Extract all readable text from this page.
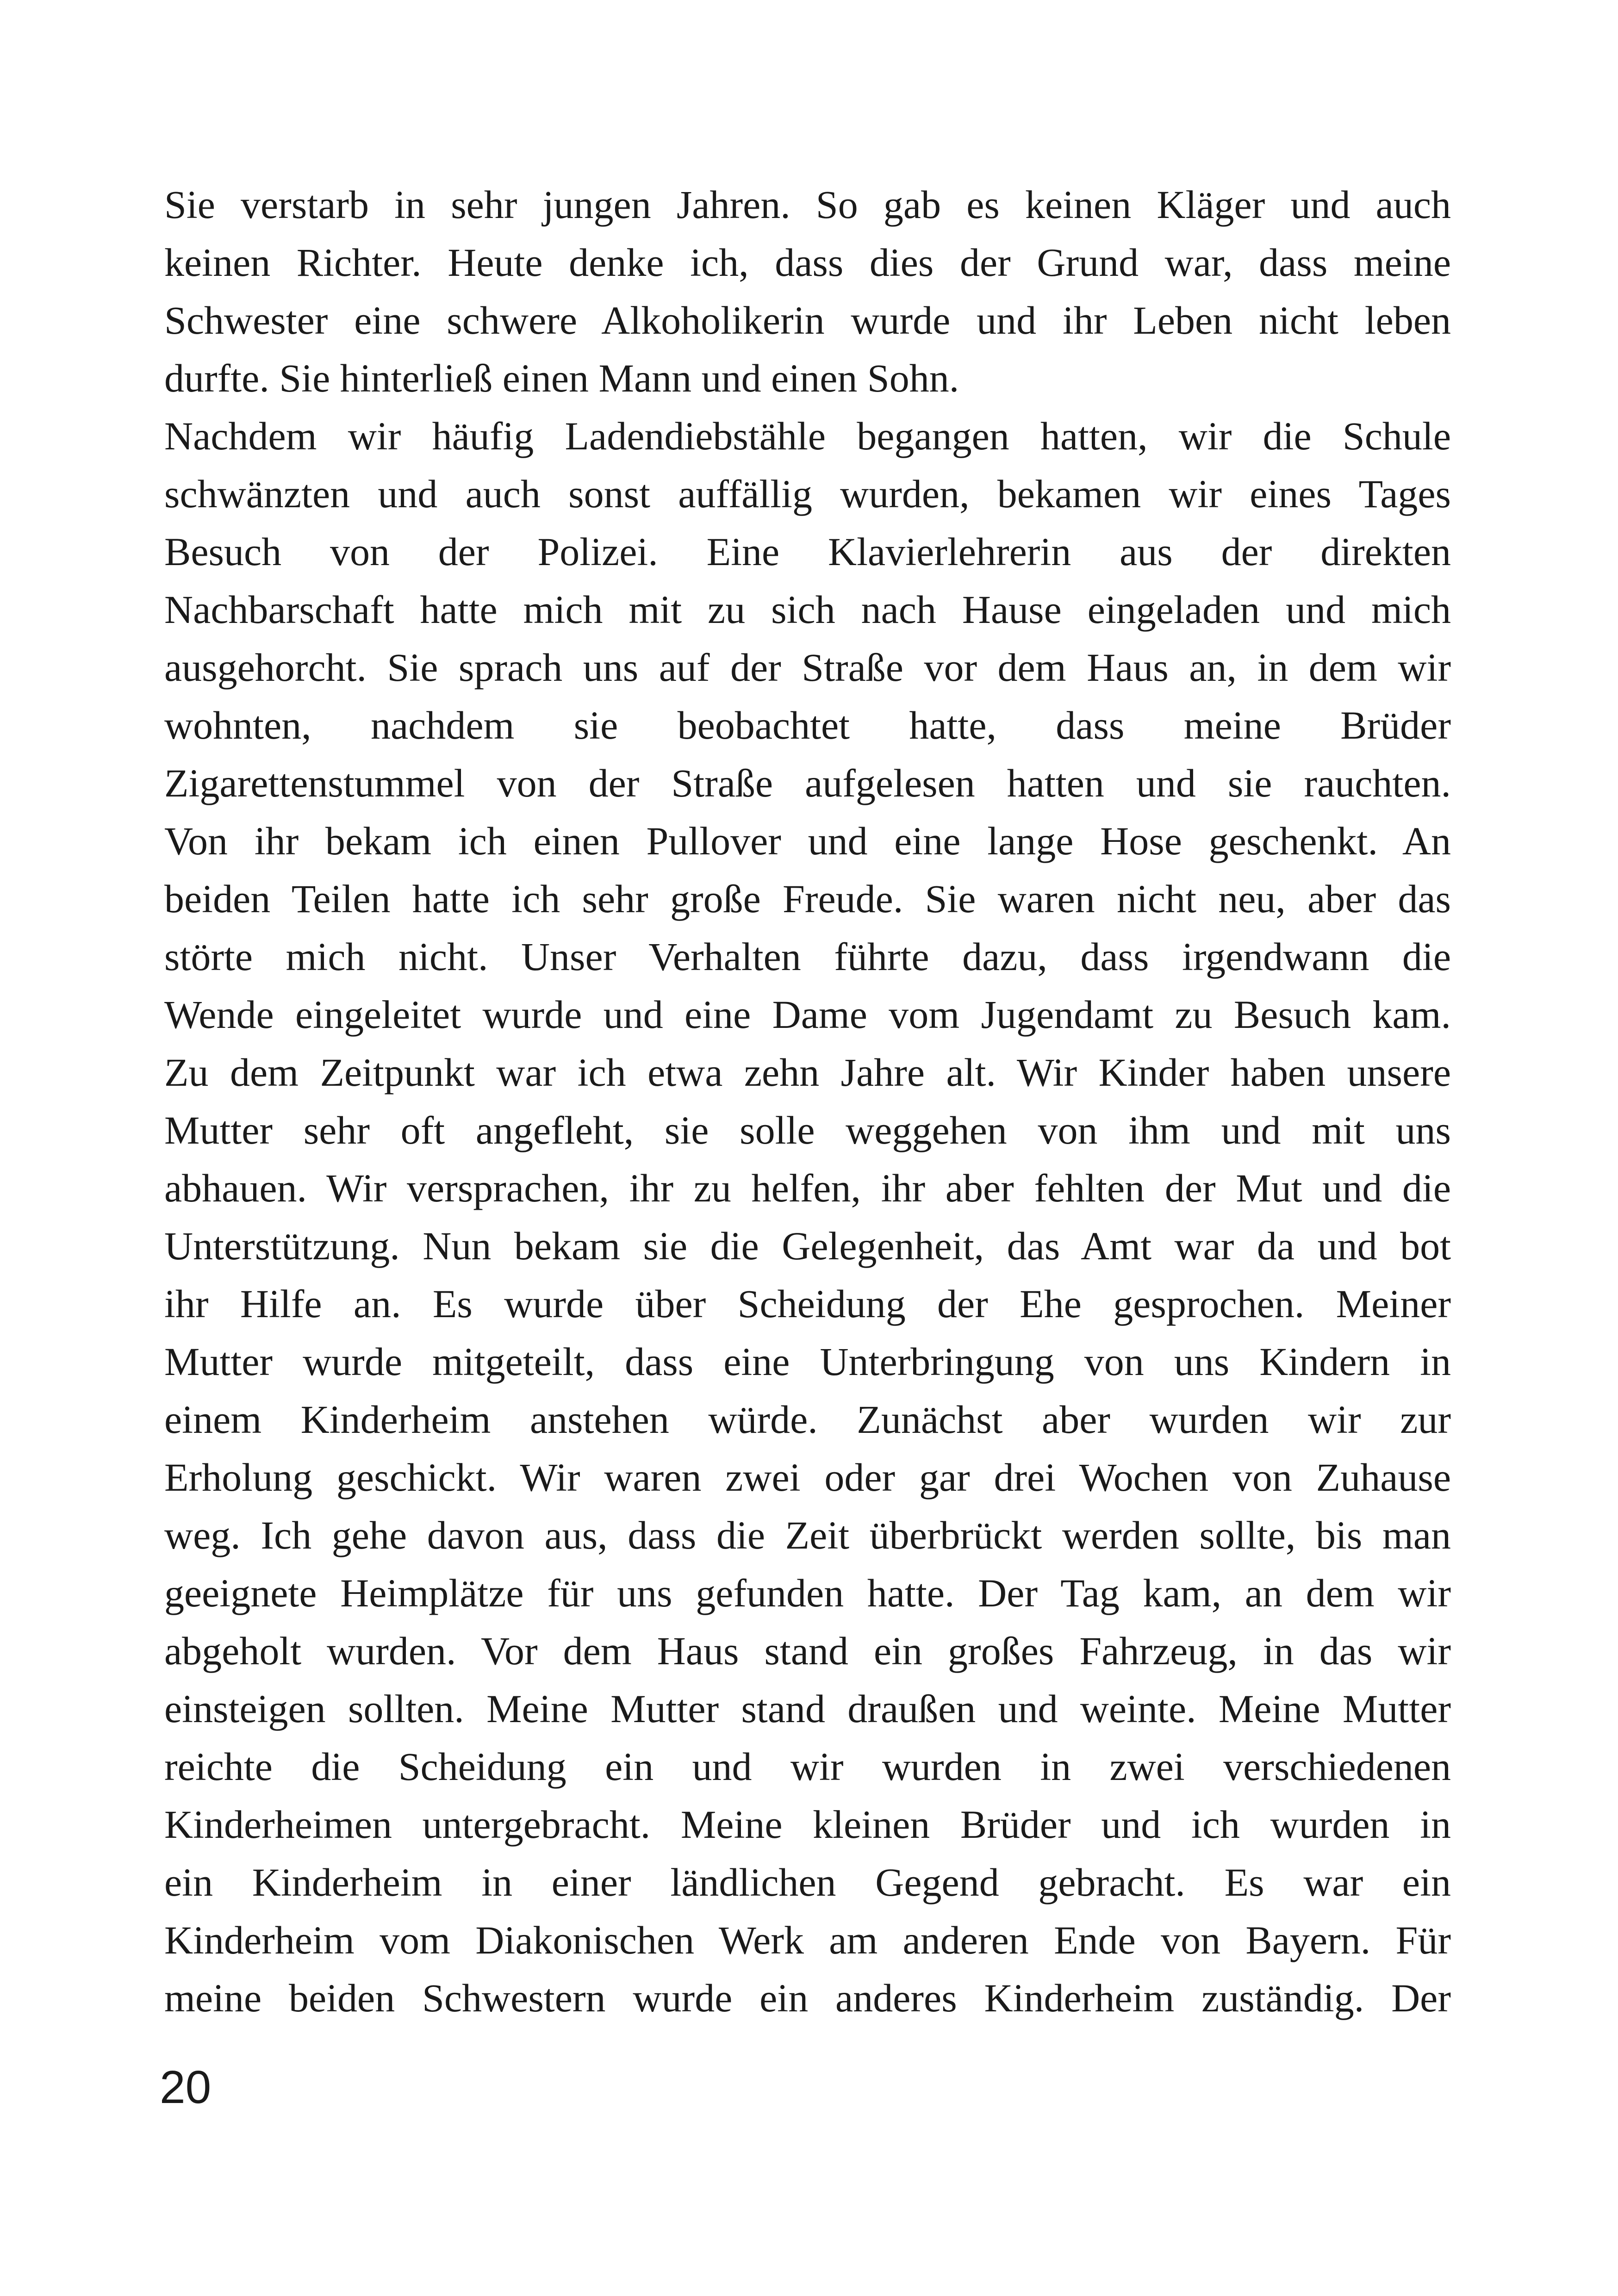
Sie verstarb in sehr jungen Jahren. So gab es keinen Kläger und auch
keinen Richter. Heute denke ich, dass dies der Grund war, dass meine
Schwester eine schwere Alkoholikerin wurde und ihr Leben nicht leben
durfte. Sie hinterließ einen Mann und einen Sohn.
Nachdem wir häufig Ladendiebstähle begangen hatten, wir die Schule
schwänzten und auch sonst auffällig wurden, bekamen wir eines Tages
Besuch von der Polizei. Eine Klavierlehrerin aus der direkten
Nachbarschaft hatte mich mit zu sich nach Hause eingeladen und mich
ausgehorcht. Sie sprach uns auf der Straße vor dem Haus an, in dem wir
wohnten, nachdem sie beobachtet hatte, dass meine Brüder
Zigarettenstummel von der Straße aufgelesen hatten und sie rauchten.
Von ihr bekam ich einen Pullover und eine lange Hose geschenkt. An
beiden Teilen hatte ich sehr große Freude. Sie waren nicht neu, aber das
störte mich nicht. Unser Verhalten führte dazu, dass irgendwann die
Wende eingeleitet wurde und eine Dame vom Jugendamt zu Besuch kam.
Zu dem Zeitpunkt war ich etwa zehn Jahre alt. Wir Kinder haben unsere
Mutter sehr oft angefleht, sie solle weggehen von ihm und mit uns
abhauen. Wir versprachen, ihr zu helfen, ihr aber fehlten der Mut und die
Unterstützung. Nun bekam sie die Gelegenheit, das Amt war da und bot
ihr Hilfe an. Es wurde über Scheidung der Ehe gesprochen. Meiner
Mutter wurde mitgeteilt, dass eine Unterbringung von uns Kindern in
einem Kinderheim anstehen würde. Zunächst aber wurden wir zur
Erholung geschickt. Wir waren zwei oder gar drei Wochen von Zuhause
weg. Ich gehe davon aus, dass die Zeit überbrückt werden sollte, bis man
geeignete Heimplätze für uns gefunden hatte. Der Tag kam, an dem wir
abgeholt wurden. Vor dem Haus stand ein großes Fahrzeug, in das wir
einsteigen sollten. Meine Mutter stand draußen und weinte. Meine Mutter
reichte die Scheidung ein und wir wurden in zwei verschiedenen
Kinderheimen untergebracht. Meine kleinen Brüder und ich wurden in
ein Kinderheim in einer ländlichen Gegend gebracht. Es war ein
Kinderheim vom Diakonischen Werk am anderen Ende von Bayern. Für
meine beiden Schwestern wurde ein anderes Kinderheim zuständig. Der
20
